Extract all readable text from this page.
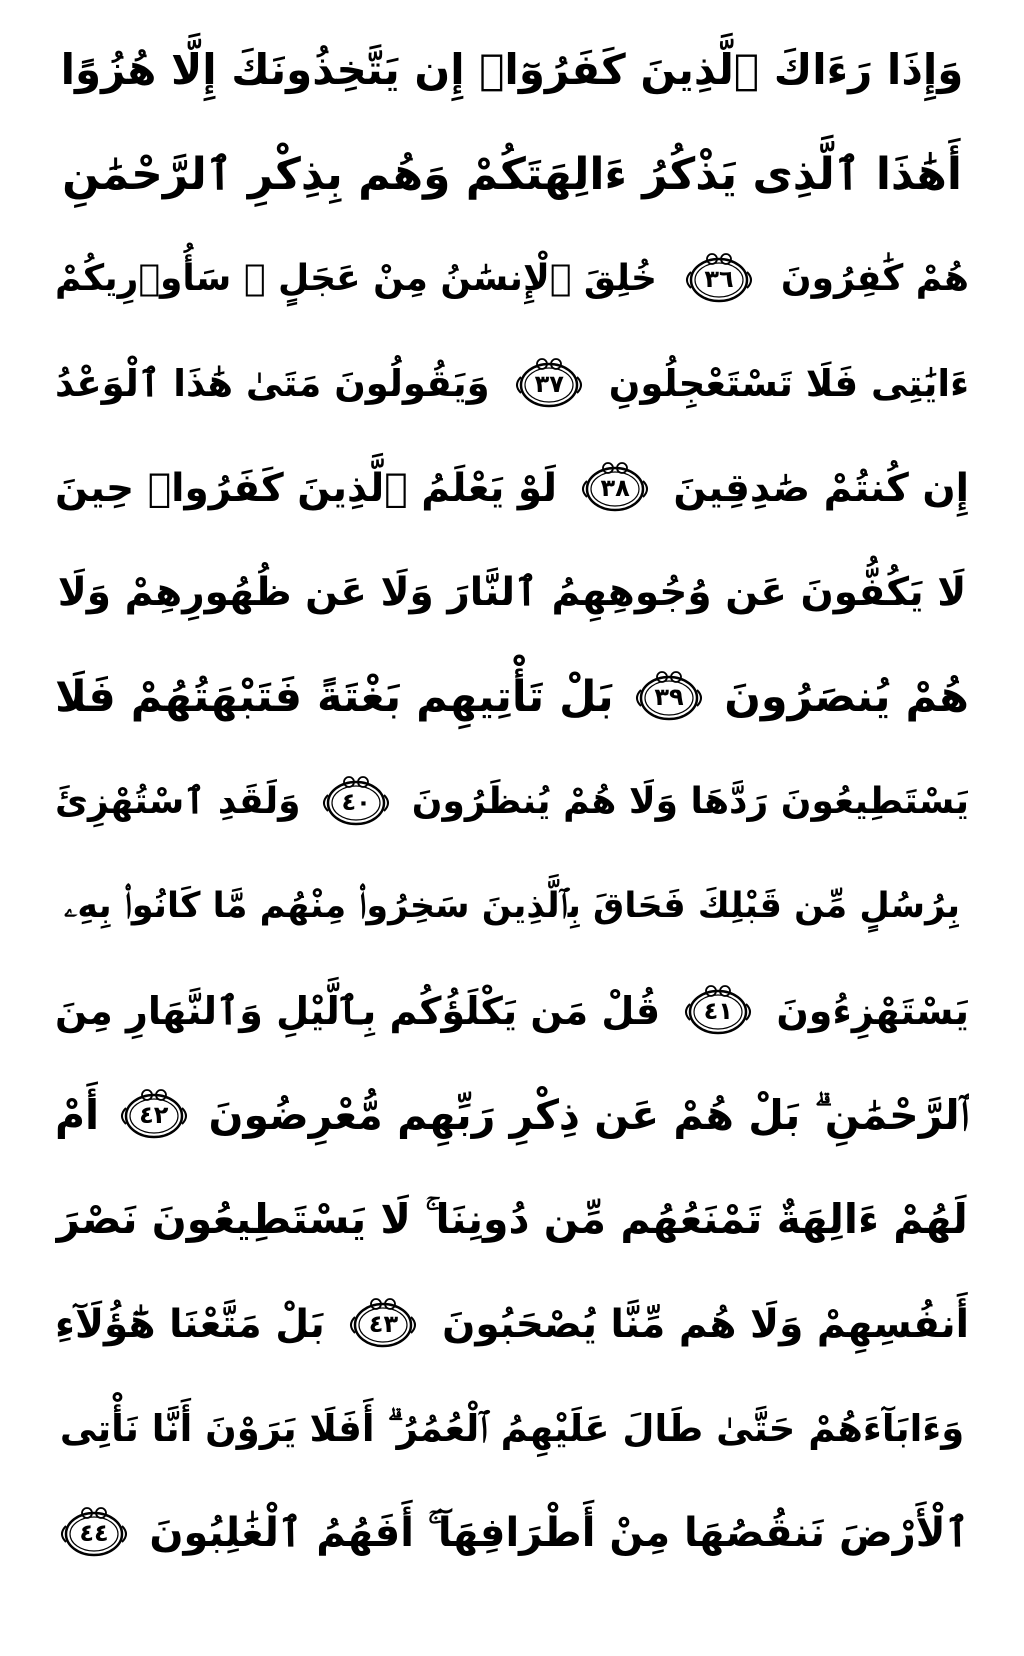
وَإِذَا رَءَاكَ ٱلَّذِينَ كَفَرُوٓا۟ إِن يَتَّخِذُونَكَ إِلَّا هُزُوًا
أَهَٰذَا ٱلَّذِى يَذْكُرُ ءَالِهَتَكُمْ وَهُم بِذِكْرِ ٱلرَّحْمَٰنِ
هُمْ كَٰفِرُونَ
٣٦
خُلِقَ ٱلْإِنسَٰنُ مِنْ عَجَلٍ ۚ سَأُو۟رِيكُمْ
ءَايَٰتِى فَلَا تَسْتَعْجِلُونِ
٣٧
وَيَقُولُونَ مَتَىٰ هَٰذَا ٱلْوَعْدُ
إِن كُنتُمْ صَٰدِقِينَ
٣٨
لَوْ يَعْلَمُ ٱلَّذِينَ كَفَرُوا۟ حِينَ
لَا يَكُفُّونَ عَن وُجُوهِهِمُ ٱلنَّارَ وَلَا عَن ظُهُورِهِمْ وَلَا
هُمْ يُنصَرُونَ
٣٩
بَلْ تَأْتِيهِم بَغْتَةً فَتَبْهَتُهُمْ فَلَا
يَسْتَطِيعُونَ رَدَّهَا وَلَا هُمْ يُنظَرُونَ
٤٠
وَلَقَدِ ٱسْتُهْزِئَ
بِرُسُلٍ مِّن قَبْلِكَ فَحَاقَ بِٱلَّذِينَ سَخِرُوا۟ مِنْهُم مَّا كَانُوا۟ بِهِۦ
يَسْتَهْزِءُونَ
٤١
قُلْ مَن يَكْلَؤُكُم بِٱلَّيْلِ وَٱلنَّهَارِ مِنَ
ٱلرَّحْمَٰنِ ۗ بَلْ هُمْ عَن ذِكْرِ رَبِّهِم مُّعْرِضُونَ
٤٢
أَمْ
لَهُمْ ءَالِهَةٌ تَمْنَعُهُم مِّن دُونِنَا ۚ لَا يَسْتَطِيعُونَ نَصْرَ
أَنفُسِهِمْ وَلَا هُم مِّنَّا يُصْحَبُونَ
٤٣
بَلْ مَتَّعْنَا هَٰٓؤُلَآءِ
وَءَابَآءَهُمْ حَتَّىٰ طَالَ عَلَيْهِمُ ٱلْعُمُرُ ۗ أَفَلَا يَرَوْنَ أَنَّا نَأْتِى
ٱلْأَرْضَ نَنقُصُهَا مِنْ أَطْرَافِهَآ ۚ أَفَهُمُ ٱلْغَٰلِبُونَ
٤٤
